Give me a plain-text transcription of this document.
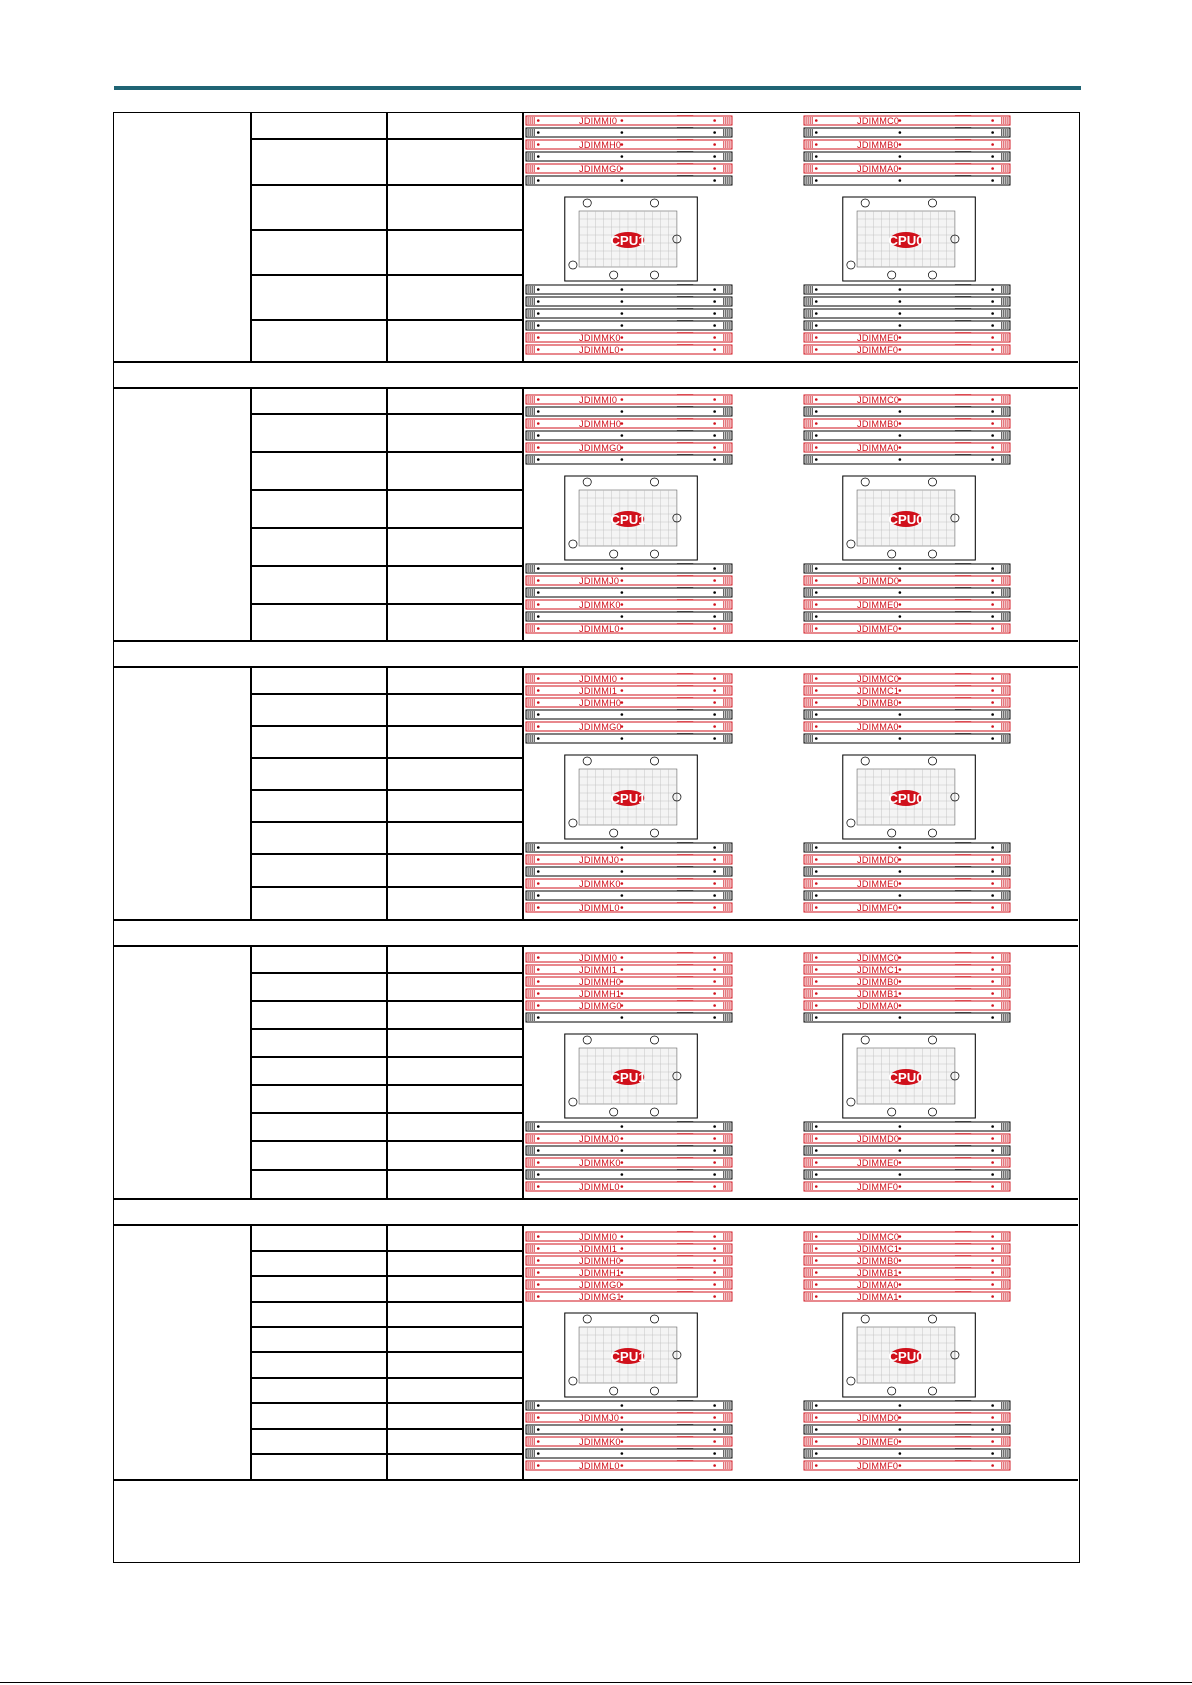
JDIMMI0
JDIMMH0
JDIMMG0
CPU1
JDIMMK0
JDIMML0
JDIMMC0
JDIMMB0
JDIMMA0
CPU0
JDIMME0
JDIMMF0
JDIMMI0
JDIMMH0
JDIMMG0
CPU1
JDIMMJ0
JDIMMK0
JDIMML0
JDIMMC0
JDIMMB0
JDIMMA0
CPU0
JDIMMD0
JDIMME0
JDIMMF0
JDIMMI0
JDIMMI1
JDIMMH0
JDIMMG0
CPU1
JDIMMJ0
JDIMMK0
JDIMML0
JDIMMC0
JDIMMC1
JDIMMB0
JDIMMA0
CPU0
JDIMMD0
JDIMME0
JDIMMF0
JDIMMI0
JDIMMI1
JDIMMH0
JDIMMH1
JDIMMG0
CPU1
JDIMMJ0
JDIMMK0
JDIMML0
JDIMMC0
JDIMMC1
JDIMMB0
JDIMMB1
JDIMMA0
CPU0
JDIMMD0
JDIMME0
JDIMMF0
JDIMMI0
JDIMMI1
JDIMMH0
JDIMMH1
JDIMMG0
JDIMMG1
CPU1
JDIMMJ0
JDIMMK0
JDIMML0
JDIMMC0
JDIMMC1
JDIMMB0
JDIMMB1
JDIMMA0
JDIMMA1
CPU0
JDIMMD0
JDIMME0
JDIMMF0
